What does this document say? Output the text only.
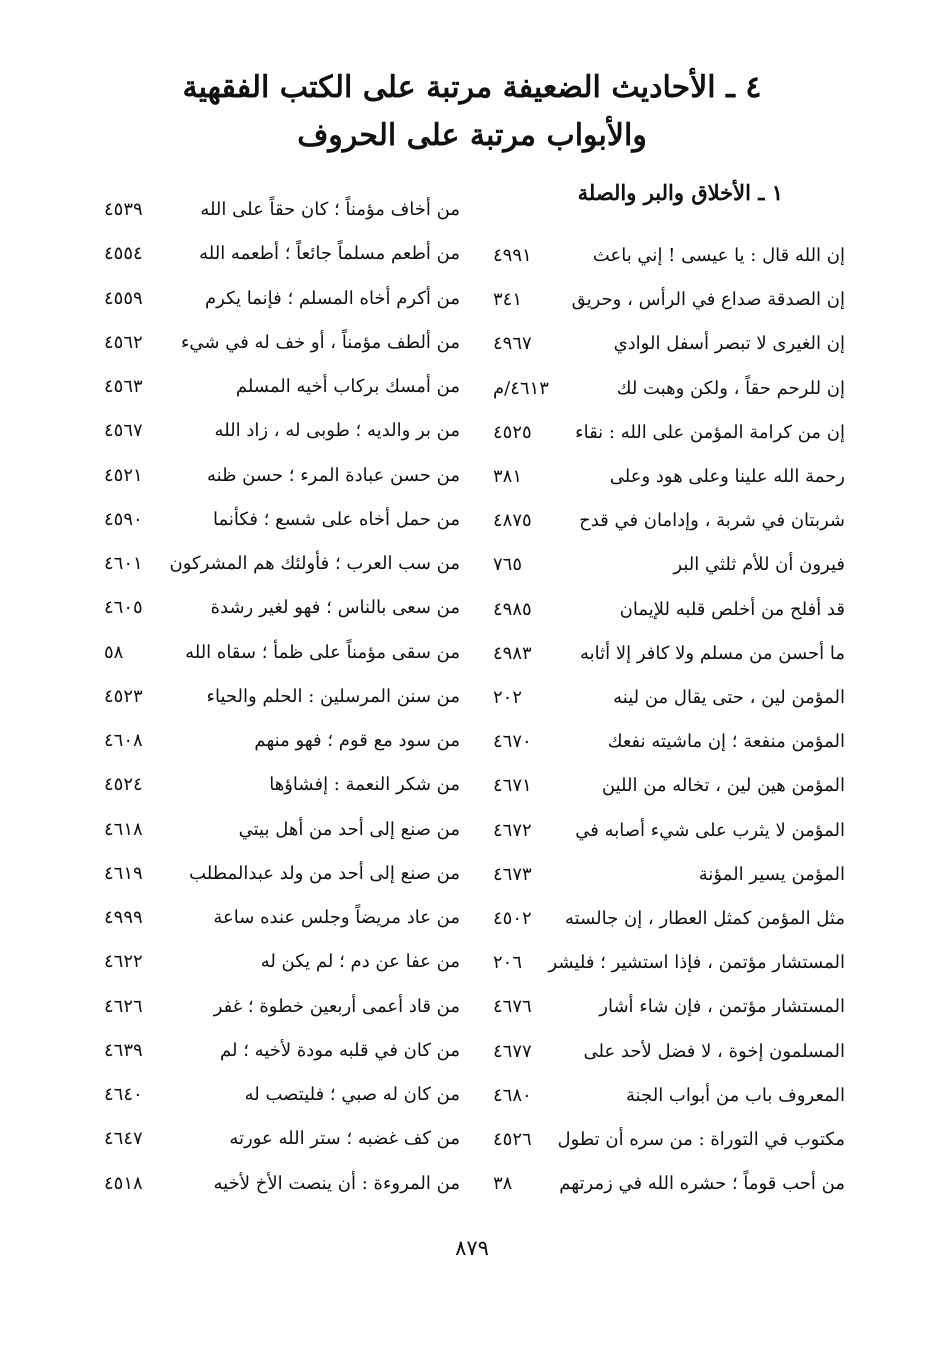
٤ ـ الأحاديث الضعيفة مرتبة على الكتب الفقهية
والأبواب مرتبة على الحروف
١ ـ الأخلاق والبر والصلة
إن الله قال : يا عيسى ! إني باعث
٤٩٩١
إن الصدقة صداع في الرأس ، وحريق
٣٤١
إن الغيرى لا تبصر أسفل الوادي
٤٩٦٧
إن للرحم حقاً ، ولكن وهبت لك
٤٦١٣/م
إن من كرامة المؤمن على الله : نقاء
٤٥٢٥
رحمة الله علينا وعلى هود وعلى
٣٨١
شربتان في شربة ، وإدامان في قدح
٤٨٧٥
فيرون أن للأم ثلثي البر
٧٦٥
قد أفلح من أخلص قلبه للإيمان
٤٩٨٥
ما أحسن من مسلم ولا كافر إلا أثابه
٤٩٨٣
المؤمن لين ، حتى يقال من لينه
٢٠٢
المؤمن منفعة ؛ إن ماشيته نفعك
٤٦٧٠
المؤمن هين لين ، تخاله من اللين
٤٦٧١
المؤمن لا يثرب على شيء أصابه في
٤٦٧٢
المؤمن يسير المؤنة
٤٦٧٣
مثل المؤمن كمثل العطار ، إن جالسته
٤٥٠٢
المستشار مؤتمن ، فإذا استشير ؛ فليشر
٢٠٦
المستشار مؤتمن ، فإن شاء أشار
٤٦٧٦
المسلمون إخوة ، لا فضل لأحد على
٤٦٧٧
المعروف باب من أبواب الجنة
٤٦٨٠
مكتوب في التوراة : من سره أن تطول
٤٥٢٦
من أحب قوماً ؛ حشره الله في زمرتهم
٣٨
من أخاف مؤمناً ؛ كان حقاً على الله
٤٥٣٩
من أطعم مسلماً جائعاً ؛ أطعمه الله
٤٥٥٤
من أكرم أخاه المسلم ؛ فإنما يكرم
٤٥٥٩
من ألطف مؤمناً ، أو خف له في شيء
٤٥٦٢
من أمسك بركاب أخيه المسلم
٤٥٦٣
من بر والديه ؛ طوبى له ، زاد الله
٤٥٦٧
من حسن عبادة المرء ؛ حسن ظنه
٤٥٢١
من حمل أخاه على شسع ؛ فكأنما
٤٥٩٠
من سب العرب ؛ فأولئك هم المشركون
٤٦٠١
من سعى بالناس ؛ فهو لغير رشدة
٤٦٠٥
من سقى مؤمناً على ظمأ ؛ سقاه الله
٥٨
من سنن المرسلين : الحلم والحياء
٤٥٢٣
من سود مع قوم ؛ فهو منهم
٤٦٠٨
من شكر النعمة : إفشاؤها
٤٥٢٤
من صنع إلى أحد من أهل بيتي
٤٦١٨
من صنع إلى أحد من ولد عبدالمطلب
٤٦١٩
من عاد مريضاً وجلس عنده ساعة
٤٩٩٩
من عفا عن دم ؛ لم يكن له
٤٦٢٢
من قاد أعمى أربعين خطوة ؛ غفر
٤٦٢٦
من كان في قلبه مودة لأخيه ؛ لم
٤٦٣٩
من كان له صبي ؛ فليتصب له
٤٦٤٠
من كف غضبه ؛ ستر الله عورته
٤٦٤٧
من المروءة : أن ينصت الأخ لأخيه
٤٥١٨
٨٧٩
